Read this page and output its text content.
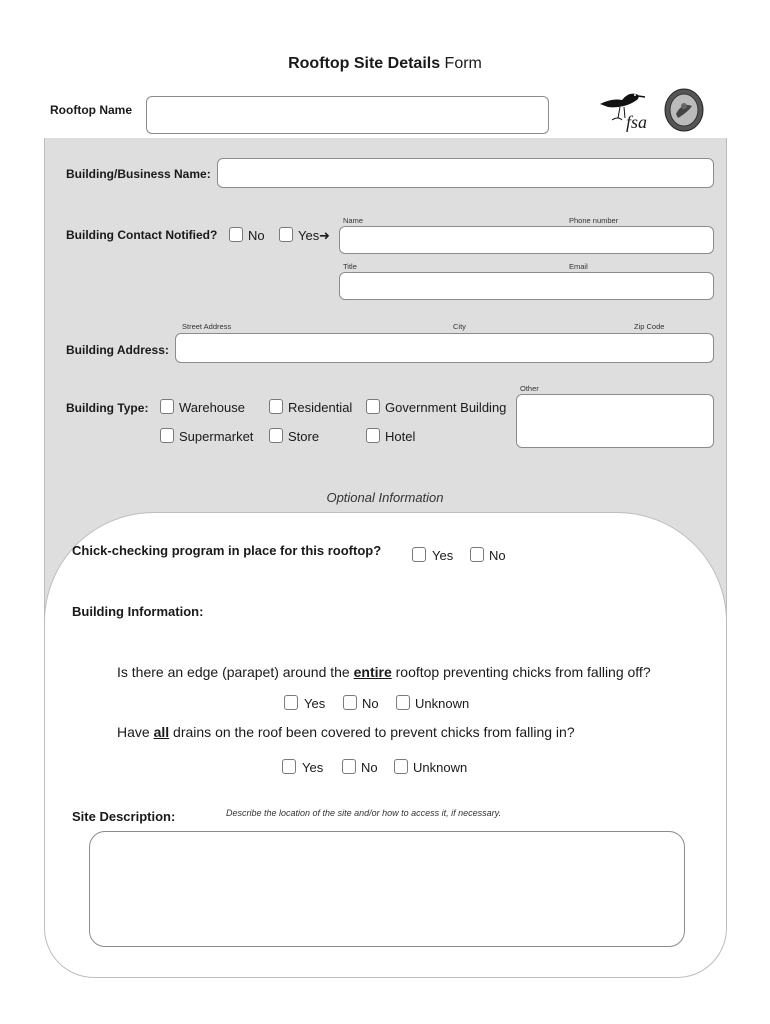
Rooftop Site Details Form
Rooftop Name
fsa
Building/Business Name:
Building Contact Notified? No	Yes ➜
Name	Phone number
Title	Email
Street Address	City	Zip Code
Building Address:
Building Type: Warehouse	Residential	Government Building
Supermarket	Store	Hotel
Other
Optional Information
Chick-checking program in place for this rooftop?	Yes	No
Building Information:
Is there an edge (parapet) around the entire rooftop preventing chicks from falling off?
Yes	No	Unknown
Have all drains on the roof been covered to prevent chicks from falling in?
Yes	No	Unknown
Site Description:	Describe the location of the site and/or how to access it, if necessary.
